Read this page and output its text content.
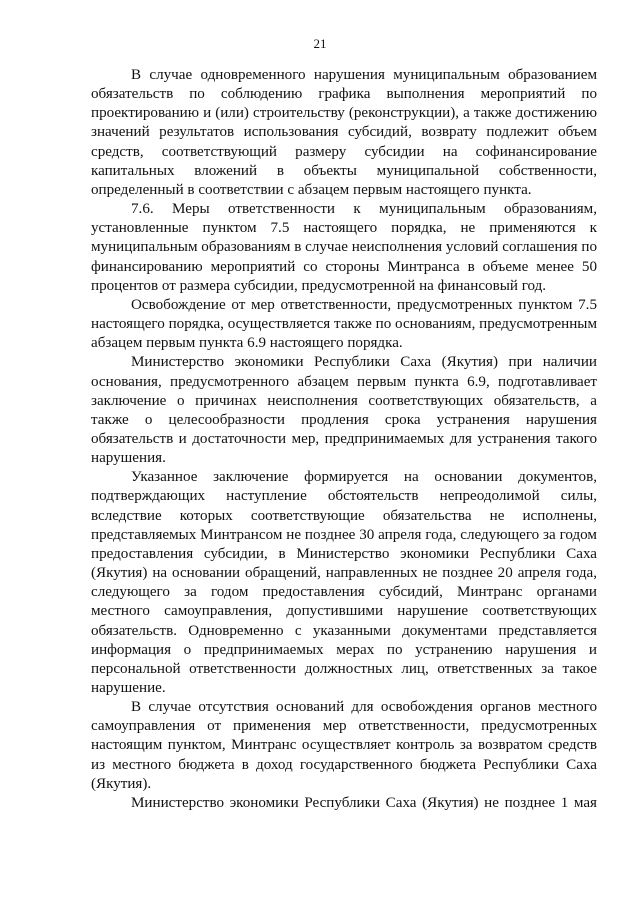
21

В случае одновременного нарушения муниципальным образованием обязательств по соблюдению графика выполнения мероприятий по проектированию и (или) строительству (реконструкции), а также достижению значений результатов использования субсидий, возврату подлежит объем средств, соответствующий размеру субсидии на софинансирование капитальных вложений в объекты муниципальной собственности, определенный в соответствии с абзацем первым настоящего пункта.

7.6. Меры ответственности к муниципальным образованиям, установленные пунктом 7.5 настоящего порядка, не применяются к муниципальным образованиям в случае неисполнения условий соглашения по финансированию мероприятий со стороны Минтранса в объеме менее 50 процентов от размера субсидии, предусмотренной на финансовый год.

Освобождение от мер ответственности, предусмотренных пунктом 7.5 настоящего порядка, осуществляется также по основаниям, предусмотренным абзацем первым пункта 6.9 настоящего порядка.

Министерство экономики Республики Саха (Якутия) при наличии основания, предусмотренного абзацем первым пункта 6.9, подготавливает заключение о причинах неисполнения соответствующих обязательств, а также о целесообразности продления срока устранения нарушения обязательств и достаточности мер, предпринимаемых для устранения такого нарушения.

Указанное заключение формируется на основании документов, подтверждающих наступление обстоятельств непреодолимой силы, вследствие которых соответствующие обязательства не исполнены, представляемых Минтрансом не позднее 30 апреля года, следующего за годом предоставления субсидии, в Министерство экономики Республики Саха (Якутия) на основании обращений, направленных не позднее 20 апреля года, следующего за годом предоставления субсидий, Минтранс органами местного самоуправления, допустившими нарушение соответствующих обязательств. Одновременно с указанными документами представляется информация о предпринимаемых мерах по устранению нарушения и персональной ответственности должностных лиц, ответственных за такое нарушение.

В случае отсутствия оснований для освобождения органов местного самоуправления от применения мер ответственности, предусмотренных настоящим пунктом, Минтранс осуществляет контроль за возвратом средств из местного бюджета в доход государственного бюджета Республики Саха (Якутия).

Министерство экономики Республики Саха (Якутия) не позднее 1 мая
